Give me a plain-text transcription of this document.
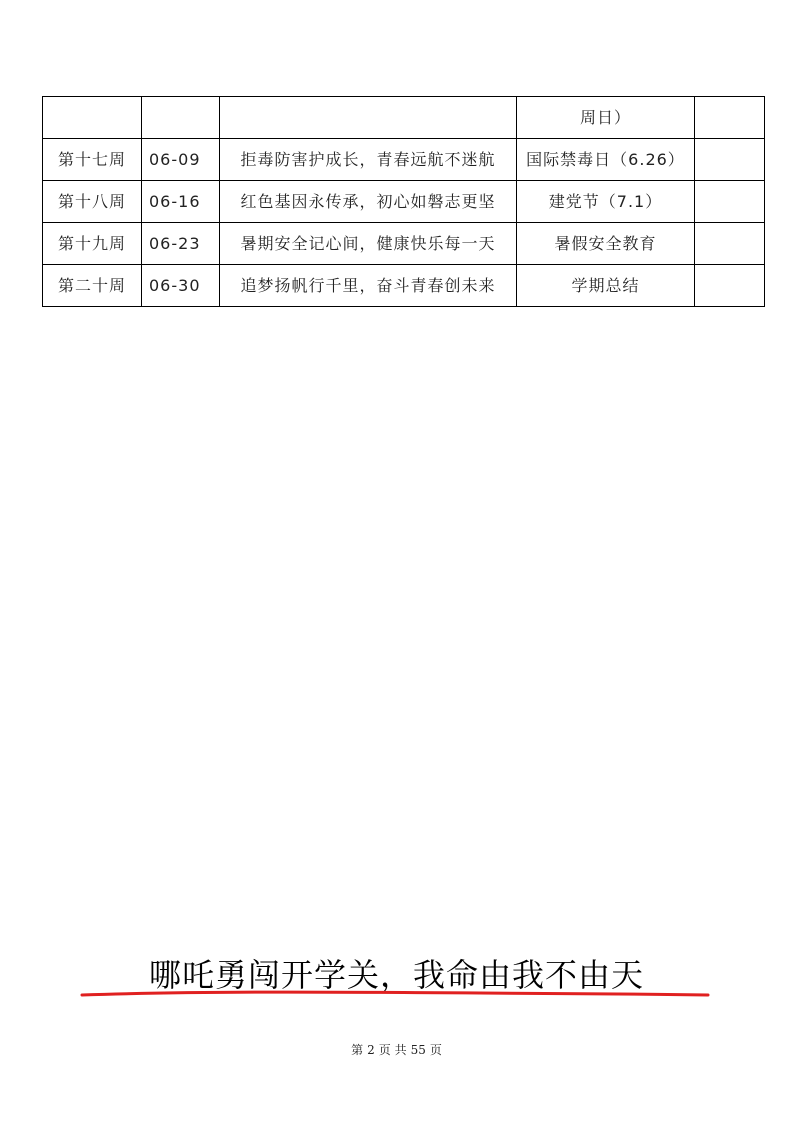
			周日）	
第十七周	06-09	拒毒防害护成长，青春远航不迷航	国际禁毒日（6.26）	
第十八周	06-16	红色基因永传承，初心如磐志更坚	建党节（7.1）	
第十九周	06-23	暑期安全记心间，健康快乐每一天	暑假安全教育	
第二十周	06-30	追梦扬帆行千里，奋斗青春创未来	学期总结	
哪吒勇闯开学关，我命由我不由天
第 2 页 共 55 页
